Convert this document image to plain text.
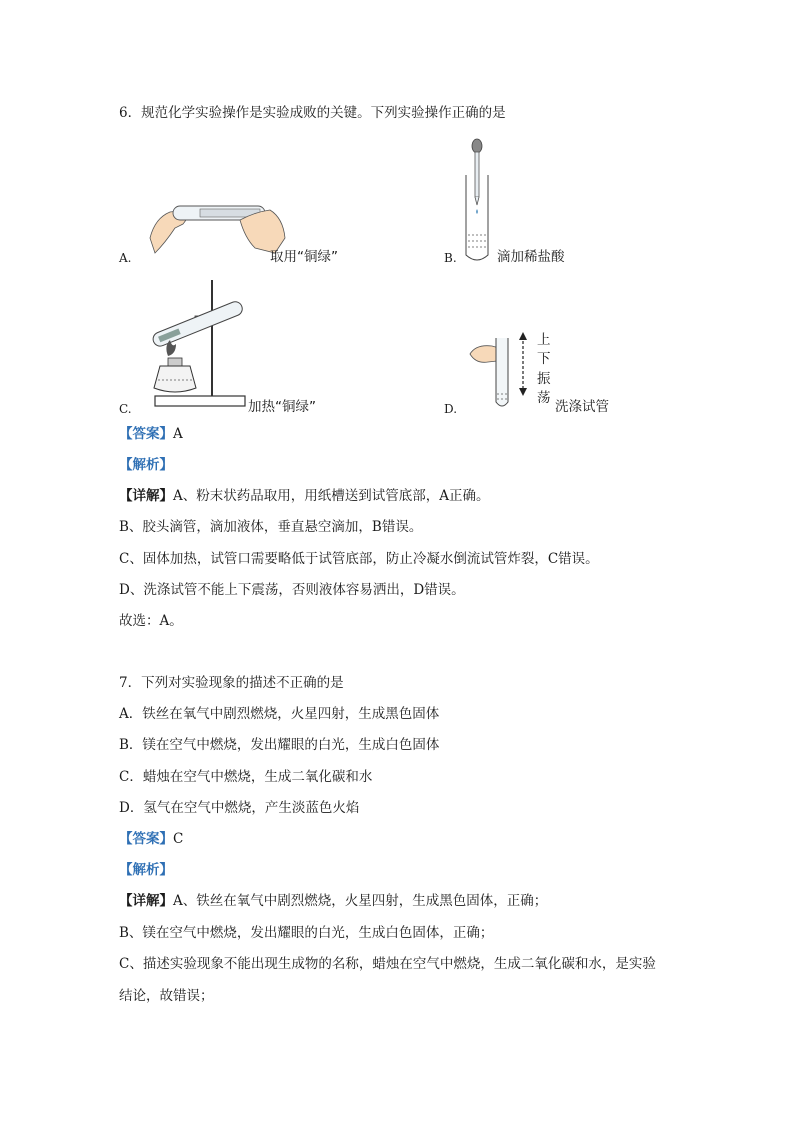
6．规范化学实验操作是实验成败的关键。下列实验操作正确的是
A.	取用“铜绿”	B.	滴加稀盐酸
C.	加热“铜绿”
上
下
振
荡
D.	洗涤试管
【答案】A
【解析】
【详解】A、粉末状药品取用，用纸槽送到试管底部，A正确。
B、胶头滴管，滴加液体，垂直悬空滴加，B错误。
C、固体加热，试管口需要略低于试管底部，防止冷凝水倒流试管炸裂，C错误。
D、洗涤试管不能上下震荡，否则液体容易洒出，D错误。
故选：A。
7．下列对实验现象的描述不正确的是
A．铁丝在氧气中剧烈燃烧，火星四射，生成黑色固体
B．镁在空气中燃烧，发出耀眼的白光，生成白色固体
C．蜡烛在空气中燃烧，生成二氧化碳和水
D．氢气在空气中燃烧，产生淡蓝色火焰
【答案】C
【解析】
【详解】A、铁丝在氧气中剧烈燃烧，火星四射，生成黑色固体，正确；
B、镁在空气中燃烧，发出耀眼的白光，生成白色固体，正确；
C、描述实验现象不能出现生成物的名称，蜡烛在空气中燃烧，生成二氧化碳和水，是实验
结论，故错误；
